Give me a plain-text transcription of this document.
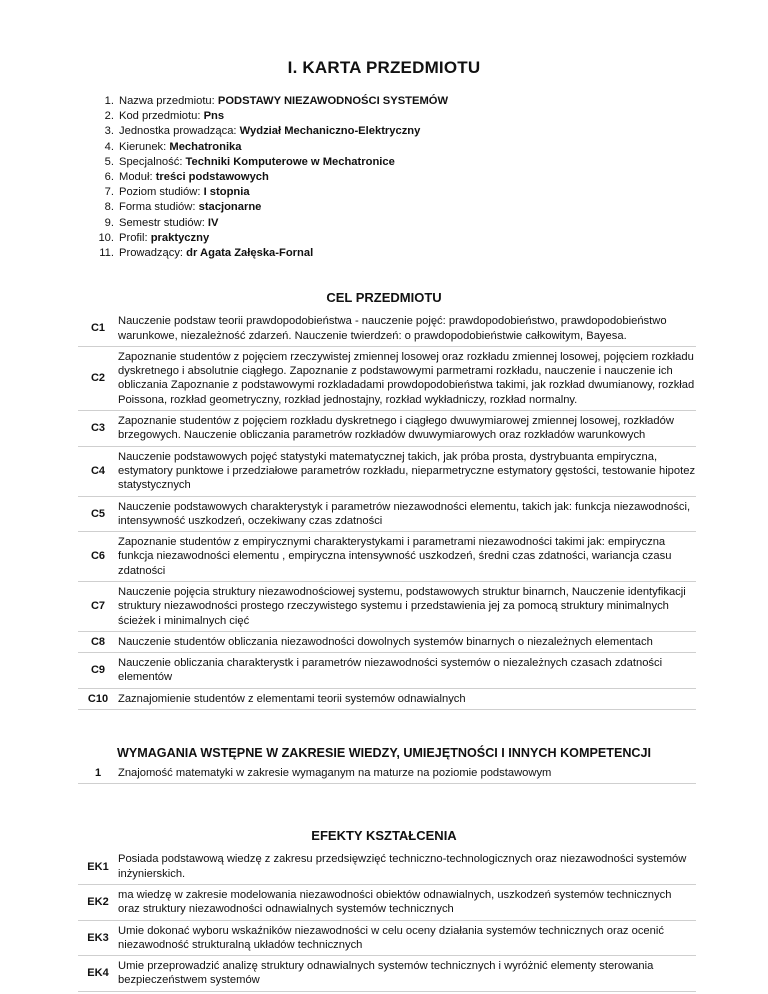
I. KARTA PRZEDMIOTU
1. Nazwa przedmiotu:
PODSTAWY NIEZAWODNOŚCI SYSTEMÓW
2. Kod przedmiotu:
Pns
3. Jednostka prowadząca:
Wydział Mechaniczno-Elektryczny
4. Kierunek:
Mechatronika
5. Specjalność:
Techniki Komputerowe w Mechatronice
6. Moduł:
treści podstawowych
7. Poziom studiów:
I stopnia
8. Forma studiów:
stacjonarne
9. Semestr studiów:
IV
10. Profil:
praktyczny
11. Prowadzący:
dr Agata Załęska-Fornal
CEL PRZEDMIOTU
C1	Nauczenie podstaw teorii prawdopodobieństwa - nauczenie pojęć: prawdopodobieństwo, prawdopodobieństwo warunkowe, niezależność zdarzeń. Nauczenie twierdzeń: o prawdopodobieństwie całkowitym, Bayesa.
C2	Zapoznanie studentów z pojęciem rzeczywistej zmiennej losowej oraz rozkładu zmiennej losowej, pojęciem rozkładu dyskretnego i absolutnie ciągłego. Zapoznanie z podstawowymi parmetrami rozkładu, nauczenie i nauczenie ich obliczania Zapoznanie z podstawowymi rozkladadami prowdopodobieństwa takimi, jak rozkład dwumianowy, rozkład Poissona, rozkład geometryczny, rozkład jednostajny, rozkład wykładniczy, rozkład normalny.
C3	Zapoznanie studentów z pojęciem rozkładu dyskretnego i ciągłego dwuwymiarowej zmiennej losowej, rozkładów brzegowych. Nauczenie obliczania parametrów rozkładów dwuwymiarowych oraz rozkładów warunkowych
C4	Nauczenie podstawowych pojęć statystyki matematycznej takich, jak próba prosta, dystrybuanta empiryczna, estymatory punktowe i przedziałowe parametrów rozkładu, nieparmetryczne estymatory gęstości, testowanie hipotez statystycznych
C5	Nauczenie podstawowych charakterystyk i parametrów niezawodności elementu, takich jak: funkcja niezawodności, intensywność uszkodzeń, oczekiwany czas zdatności
C6	Zapoznanie studentów z empirycznymi charakterystykami i parametrami niezawodności takimi jak: empiryczna funkcja niezawodności elementu , empiryczna intensywność uszkodzeń, średni czas zdatności, wariancja czasu zdatności
C7	Nauczenie pojęcia struktury niezawodnościowej systemu, podstawowych struktur binarnch, Nauczenie identyfikacji struktury niezawodności prostego rzeczywistego systemu i przedstawienia jej za pomocą struktury minimalnych ścieżek i minimalnych cięć
C8	Nauczenie studentów obliczania niezawodności dowolnych systemów binarnych o niezależnych elementach
C9	Nauczenie obliczania charakterystk i parametrów niezawodności systemów o niezależnych czasach zdatności elementów
C10	Zaznajomienie studentów z elementami teorii systemów odnawialnych
WYMAGANIA WSTĘPNE W ZAKRESIE WIEDZY, UMIEJĘTNOŚCI I INNYCH KOMPETENCJI
1	Znajomość matematyki w zakresie wymaganym na maturze na poziomie podstawowym
EFEKTY KSZTAŁCENIA
EK1	Posiada podstawową wiedzę z zakresu przedsięwzięć techniczno-technologicznych oraz niezawodności systemów inżynierskich.
EK2	ma wiedzę w zakresie modelowania niezawodności obiektów odnawialnych, uszkodzeń systemów technicznych oraz struktury niezawodności odnawialnych systemów technicznych
EK3	Umie dokonać wyboru wskaźników niezawodności w celu oceny działania systemów technicznych oraz ocenić niezawodność strukturalną układów technicznych
EK4	Umie przeprowadzić analizę struktury odnawialnych systemów technicznych i wyróżnić elementy sterowania bezpieczeństwem systemów
